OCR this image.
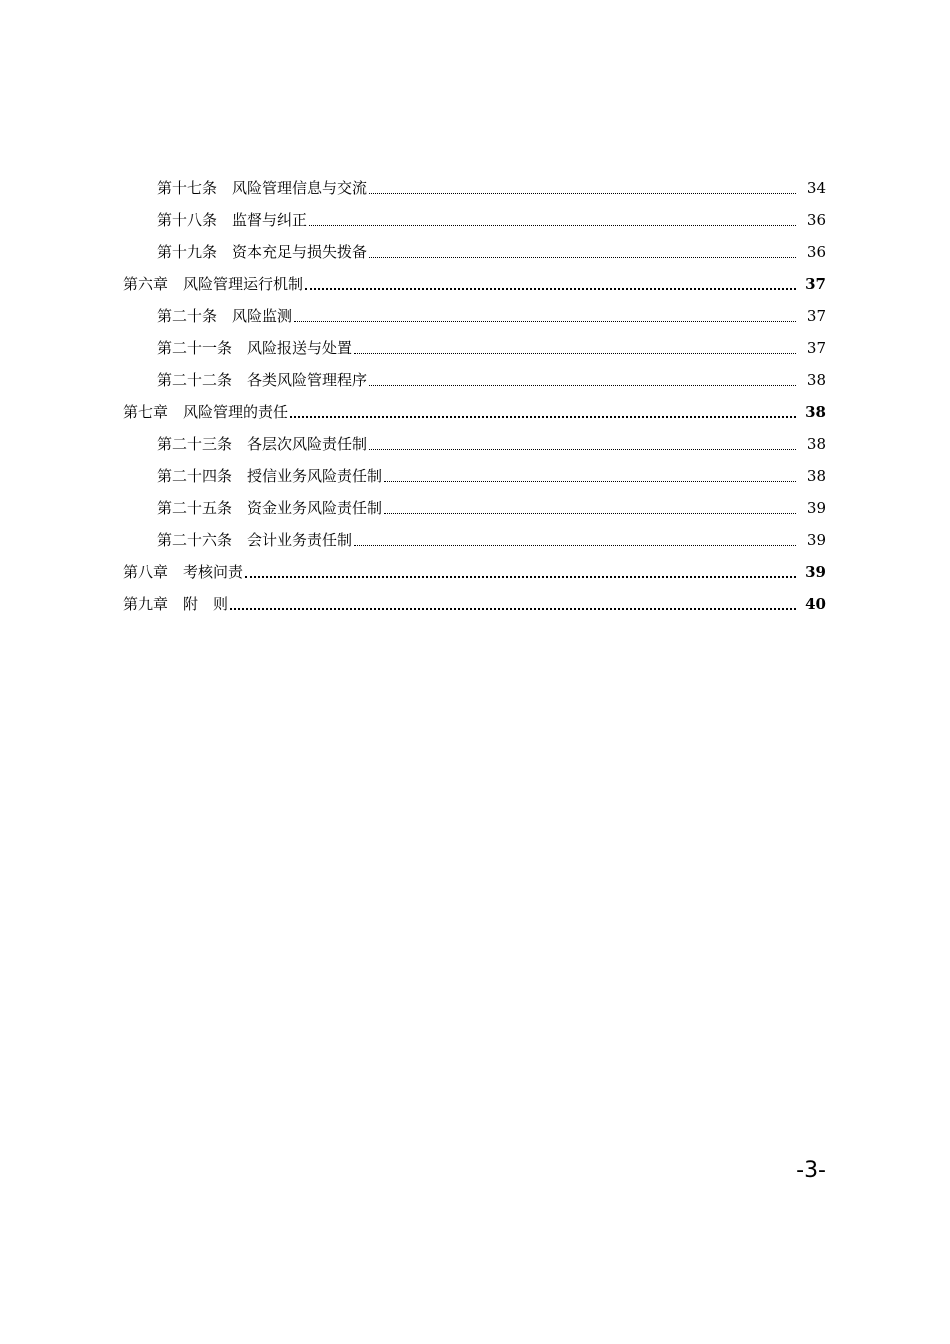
第十七条　风险管理信息与交流	34
第十八条　监督与纠正	36
第十九条　资本充足与损失拨备	36
第六章　风险管理运行机制	37
第二十条　风险监测	37
第二十一条　风险报送与处置	37
第二十二条　各类风险管理程序	38
第七章　风险管理的责任	38
第二十三条　各层次风险责任制	38
第二十四条　授信业务风险责任制	38
第二十五条　资金业务风险责任制	39
第二十六条　会计业务责任制	39
第八章　考核问责	39
第九章　附　则	40
-3-
